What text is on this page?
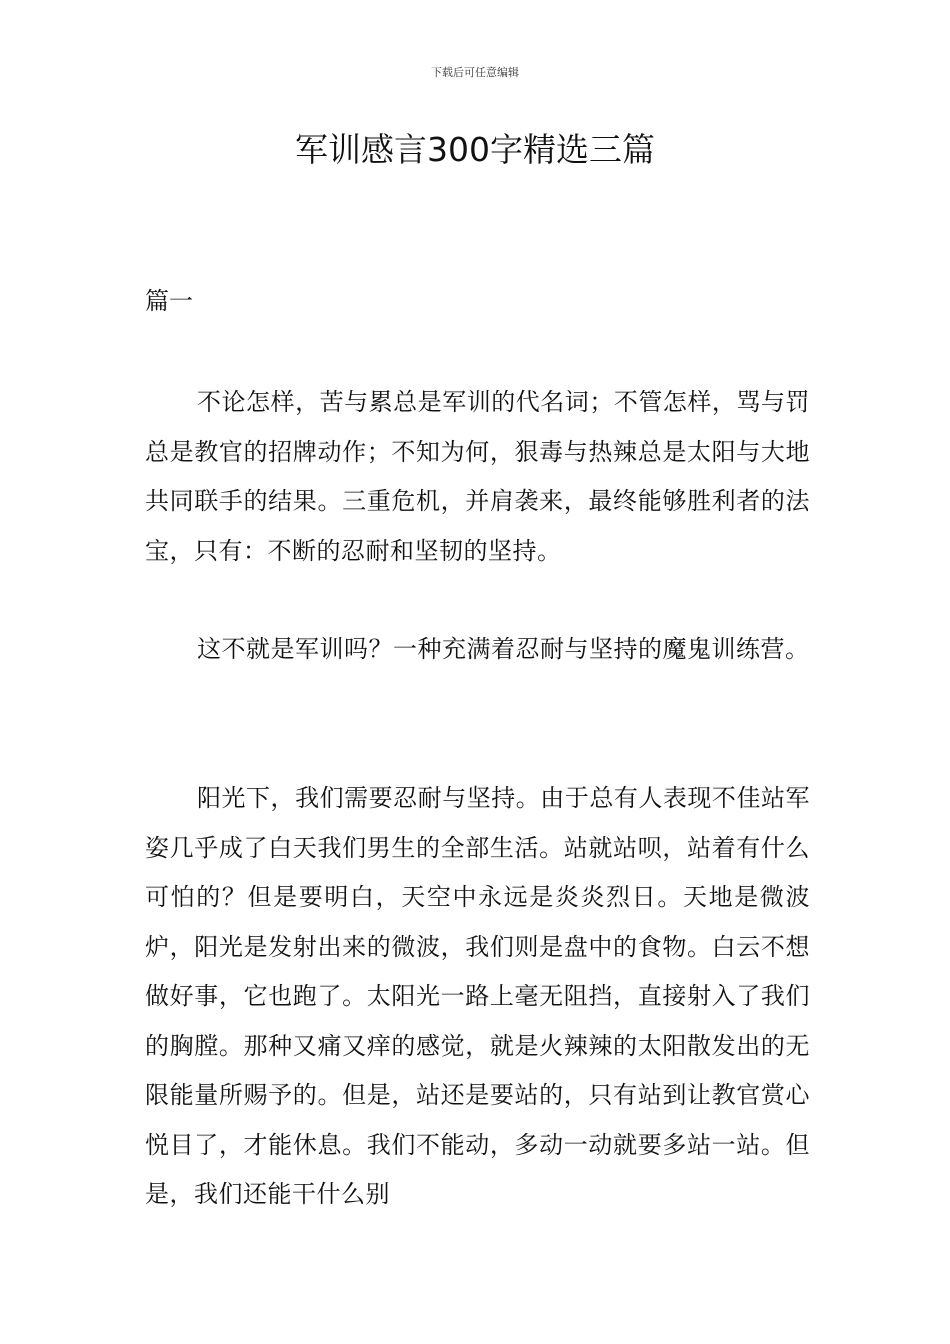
下载后可任意编辑
军训感言300字精选三篇
篇一

不论怎样，苦与累总是军训的代名词；不管怎样，骂与罚总是教官的招牌动作；不知为何，狠毒与热辣总是太阳与大地共同联手的结果。三重危机，并肩袭来，最终能够胜利者的法宝，只有：不断的忍耐和坚韧的坚持。

这不就是军训吗？一种充满着忍耐与坚持的魔鬼训练营。

阳光下，我们需要忍耐与坚持。由于总有人表现不佳站军姿几乎成了白天我们男生的全部生活。站就站呗，站着有什么可怕的？但是要明白，天空中永远是炎炎烈日。天地是微波炉，阳光是发射出来的微波，我们则是盘中的食物。白云不想做好事，它也跑了。太阳光一路上毫无阻挡，直接射入了我们的胸膛。那种又痛又痒的感觉，就是火辣辣的太阳散发出的无限能量所赐予的。但是，站还是要站的，只有站到让教官赏心悦目了，才能休息。我们不能动，多动一动就要多站一站。但是，我们还能干什么别
